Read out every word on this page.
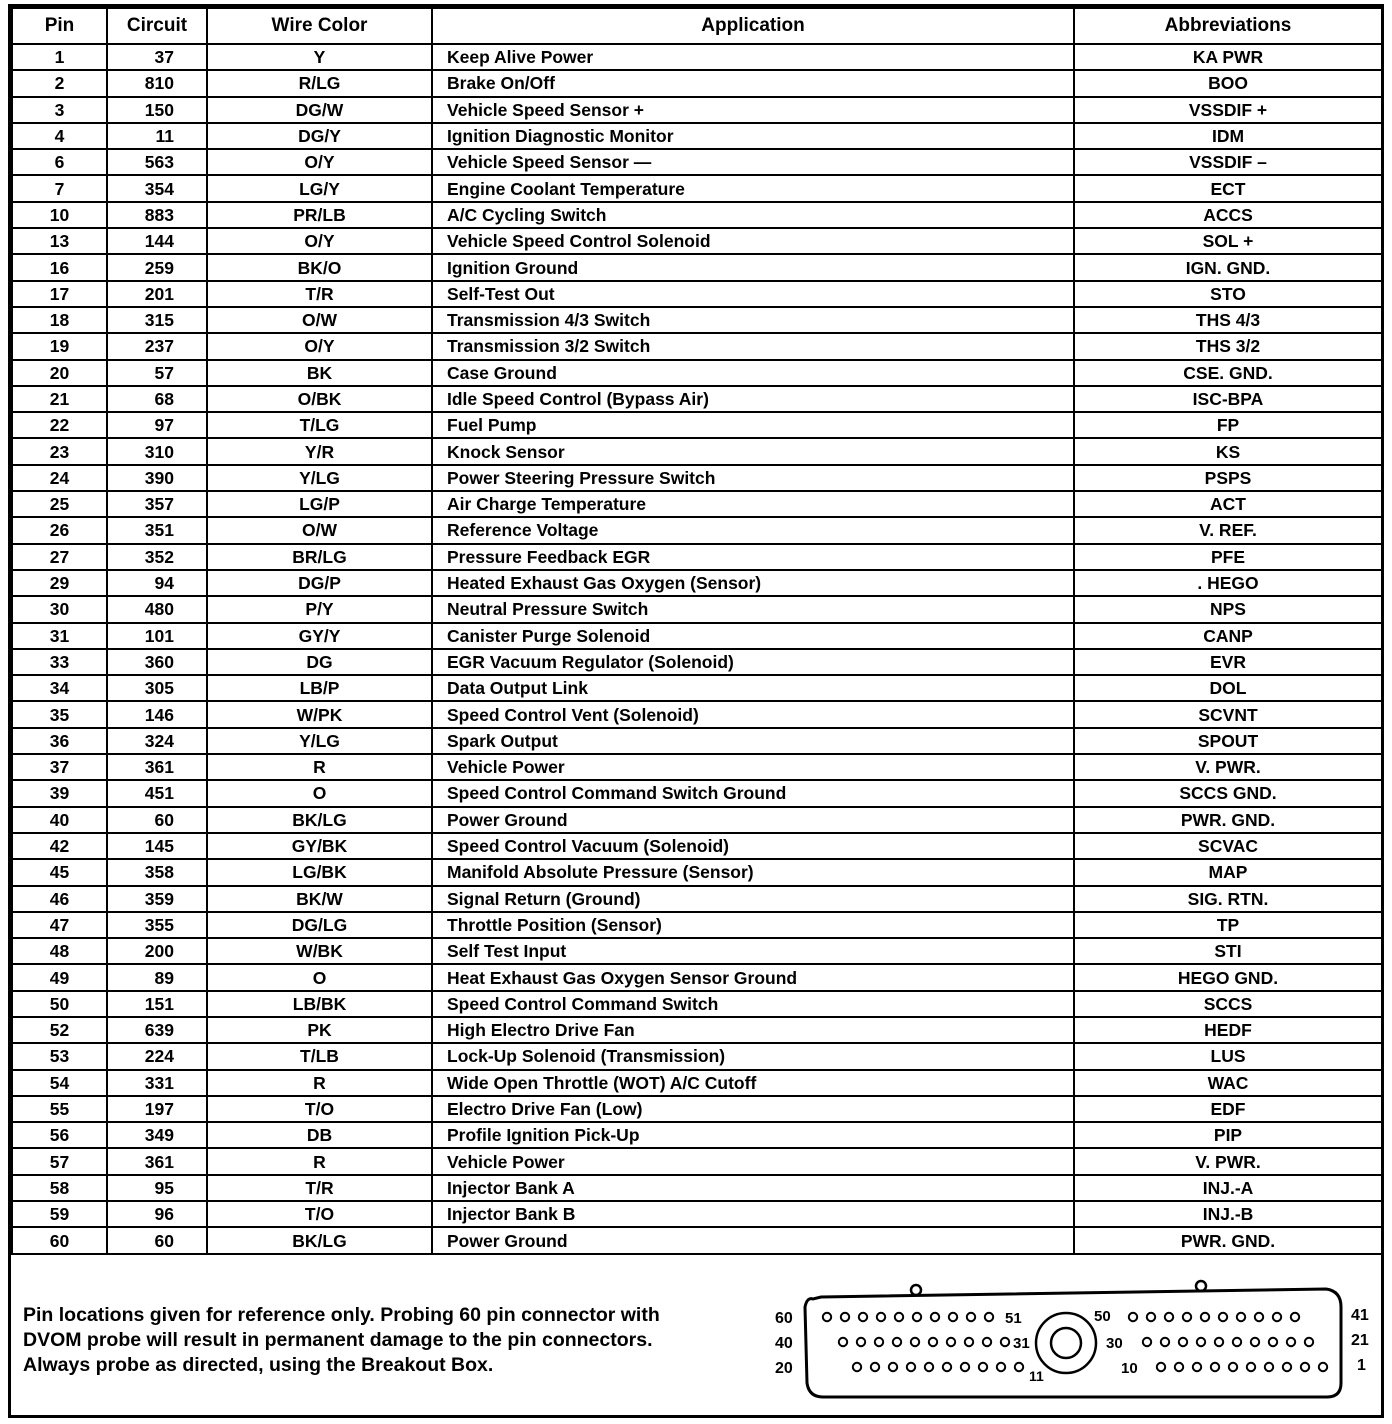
Pin	Circuit	Wire Color	Application	Abbreviations
1	37	Y	Keep Alive Power	KA PWR
2	810	R/LG	Brake On/Off	BOO
3	150	DG/W	Vehicle Speed Sensor +	VSSDIF +
4	11	DG/Y	Ignition Diagnostic Monitor	IDM
6	563	O/Y	Vehicle Speed Sensor —	VSSDIF –
7	354	LG/Y	Engine Coolant Temperature	ECT
10	883	PR/LB	A/C Cycling Switch	ACCS
13	144	O/Y	Vehicle Speed Control Solenoid	SOL +
16	259	BK/O	Ignition Ground	IGN. GND.
17	201	T/R	Self-Test Out	STO
18	315	O/W	Transmission 4/3 Switch	THS 4/3
19	237	O/Y	Transmission 3/2 Switch	THS 3/2
20	57	BK	Case Ground	CSE. GND.
21	68	O/BK	Idle Speed Control (Bypass Air)	ISC-BPA
22	97	T/LG	Fuel Pump	FP
23	310	Y/R	Knock Sensor	KS
24	390	Y/LG	Power Steering Pressure Switch	PSPS
25	357	LG/P	Air Charge Temperature	ACT
26	351	O/W	Reference Voltage	V. REF.
27	352	BR/LG	Pressure Feedback EGR	PFE
29	94	DG/P	Heated Exhaust Gas Oxygen (Sensor)	. HEGO
30	480	P/Y	Neutral Pressure Switch	NPS
31	101	GY/Y	Canister Purge Solenoid	CANP
33	360	DG	EGR Vacuum Regulator (Solenoid)	EVR
34	305	LB/P	Data Output Link	DOL
35	146	W/PK	Speed Control Vent (Solenoid)	SCVNT
36	324	Y/LG	Spark Output	SPOUT
37	361	R	Vehicle Power	V. PWR.
39	451	O	Speed Control Command Switch Ground	SCCS GND.
40	60	BK/LG	Power Ground	PWR. GND.
42	145	GY/BK	Speed Control Vacuum (Solenoid)	SCVAC
45	358	LG/BK	Manifold Absolute Pressure (Sensor)	MAP
46	359	BK/W	Signal Return (Ground)	SIG. RTN.
47	355	DG/LG	Throttle Position (Sensor)	TP
48	200	W/BK	Self Test Input	STI
49	89	O	Heat Exhaust Gas Oxygen Sensor Ground	HEGO GND.
50	151	LB/BK	Speed Control Command Switch	SCCS
52	639	PK	High Electro Drive Fan	HEDF
53	224	T/LB	Lock-Up Solenoid (Transmission)	LUS
54	331	R	Wide Open Throttle (WOT) A/C Cutoff	WAC
55	197	T/O	Electro Drive Fan (Low)	EDF
56	349	DB	Profile Ignition Pick-Up	PIP
57	361	R	Vehicle Power	V. PWR.
58	95	T/R	Injector Bank A	INJ.-A
59	96	T/O	Injector Bank B	INJ.-B
60	60	BK/LG	Power Ground	PWR. GND.
Pin locations given for reference only. Probing 60 pin connector with
DVOM probe will result in permanent damage to the pin connectors.
Always probe as directed, using the Breakout Box.
60
40
20
51
31
11
50
30
10
41
21
1
